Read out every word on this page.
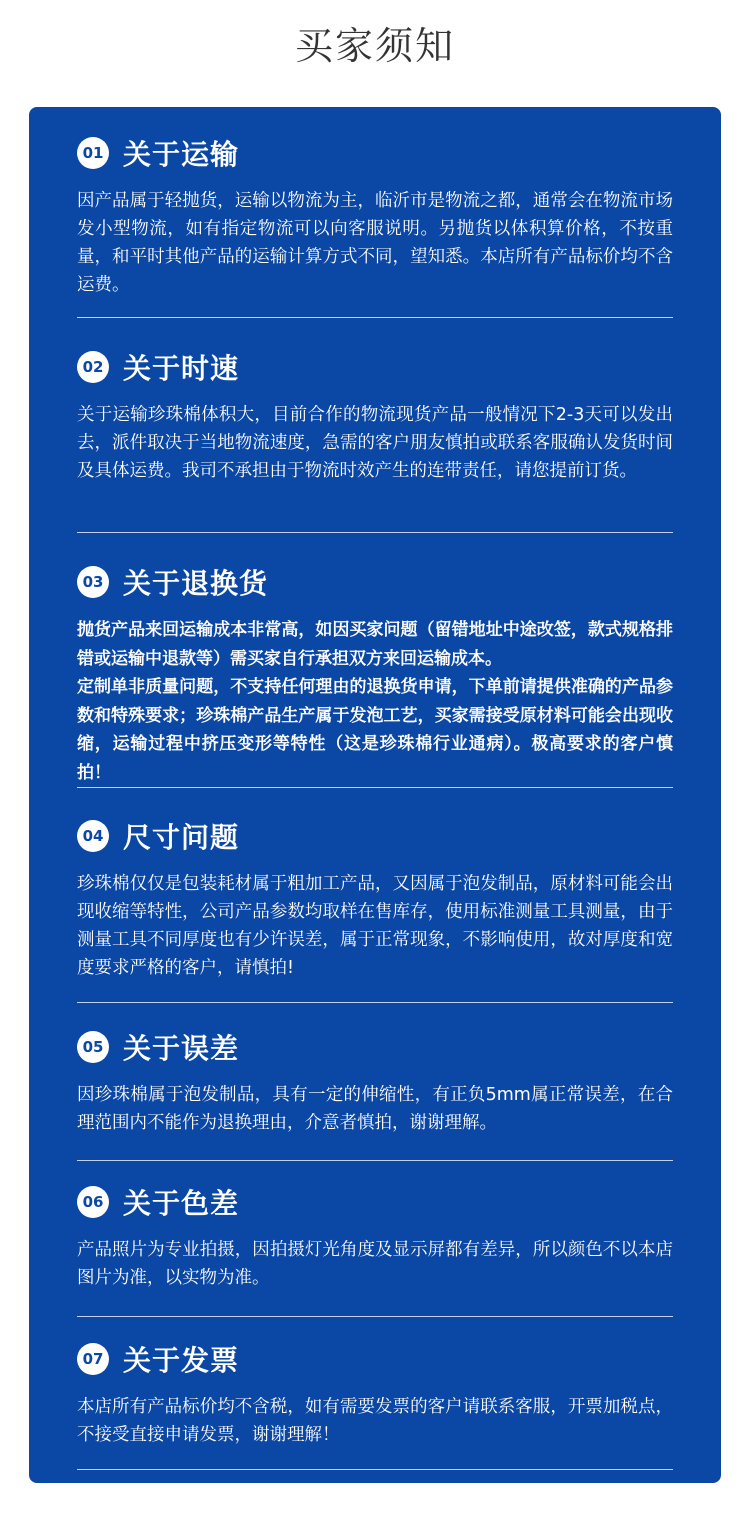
买家须知
01 关于运输
因产品属于轻抛货，运输以物流为主，临沂市是物流之都，通常会在物流市场发小型物流，如有指定物流可以向客服说明。另抛货以体积算价格，不按重量，和平时其他产品的运输计算方式不同，望知悉。本店所有产品标价均不含运费。
02 关于时速
关于运输珍珠棉体积大，目前合作的物流现货产品一般情况下2-3天可以发出去，派件取决于当地物流速度，急需的客户朋友慎拍或联系客服确认发货时间及具体运费。我司不承担由于物流时效产生的连带责任，请您提前订货。
03 关于退换货
抛货产品来回运输成本非常高，如因买家问题（留错地址中途改签，款式规格排错或运输中退款等）需买家自行承担双方来回运输成本。
定制单非质量问题，不支持任何理由的退换货申请，下单前请提供准确的产品参数和特殊要求；珍珠棉产品生产属于发泡工艺，买家需接受原材料可能会出现收缩，运输过程中挤压变形等特性（这是珍珠棉行业通病）。极高要求的客户慎拍！
04 尺寸问题
珍珠棉仅仅是包装耗材属于粗加工产品，又因属于泡发制品，原材料可能会出现收缩等特性，公司产品参数均取样在售库存，使用标准测量工具测量，由于测量工具不同厚度也有少许误差，属于正常现象，不影响使用，故对厚度和宽度要求严格的客户，请慎拍!
05 关于误差
因珍珠棉属于泡发制品，具有一定的伸缩性，有正负5mm属正常误差，在合理范围内不能作为退换理由，介意者慎拍，谢谢理解。
06 关于色差
产品照片为专业拍摄，因拍摄灯光角度及显示屏都有差异，所以颜色不以本店图片为准，以实物为准。
07 关于发票
本店所有产品标价均不含税，如有需要发票的客户请联系客服，开票加税点，不接受直接申请发票，谢谢理解！
